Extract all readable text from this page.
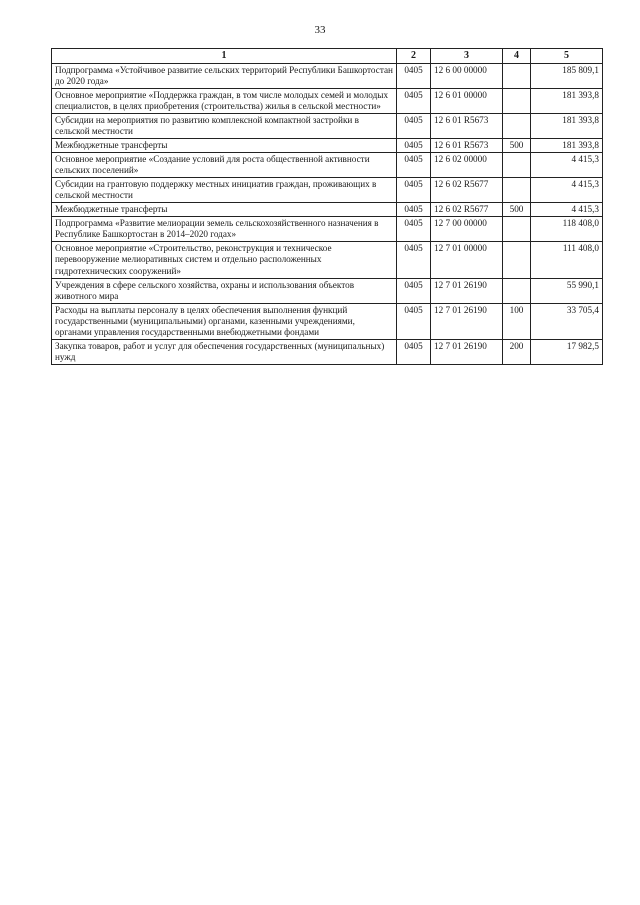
33
1	2	3	4	5
Подпрограмма «Устойчивое развитие сельских территорий Республики Башкортостан до 2020 года»	0405	12 6 00 00000		185 809,1
Основное мероприятие «Поддержка граждан, в том числе молодых семей и молодых специалистов, в целях приобретения (строительства) жилья в сельской местности»	0405	12 6 01 00000		181 393,8
Субсидии на мероприятия по развитию комплексной компактной застройки в сельской местности	0405	12 6 01 R5673		181 393,8
Межбюджетные трансферты	0405	12 6 01 R5673	500	181 393,8
Основное мероприятие «Создание условий для роста общественной активности сельских поселений»	0405	12 6 02 00000		4 415,3
Субсидии на грантовую поддержку местных инициатив граждан, проживающих в сельской местности	0405	12 6 02 R5677		4 415,3
Межбюджетные трансферты	0405	12 6 02 R5677	500	4 415,3
Подпрограмма «Развитие мелиорации земель сельскохозяйственного назначения в Республике Башкортостан в 2014–2020 годах»	0405	12 7 00 00000		118 408,0
Основное мероприятие «Строительство, реконструкция и техническое перевооружение мелиоративных систем и отдельно расположенных гидротехнических сооружений»	0405	12 7 01 00000		111 408,0
Учреждения в сфере сельского хозяйства, охраны и использования объектов животного мира	0405	12 7 01 26190		55 990,1
Расходы на выплаты персоналу в целях обеспечения выполнения функций государственными (муниципальными) органами, казенными учреждениями, органами управления государственными внебюджетными фондами	0405	12 7 01 26190	100	33 705,4
Закупка товаров, работ и услуг для обеспечения государственных (муниципальных) нужд	0405	12 7 01 26190	200	17 982,5
